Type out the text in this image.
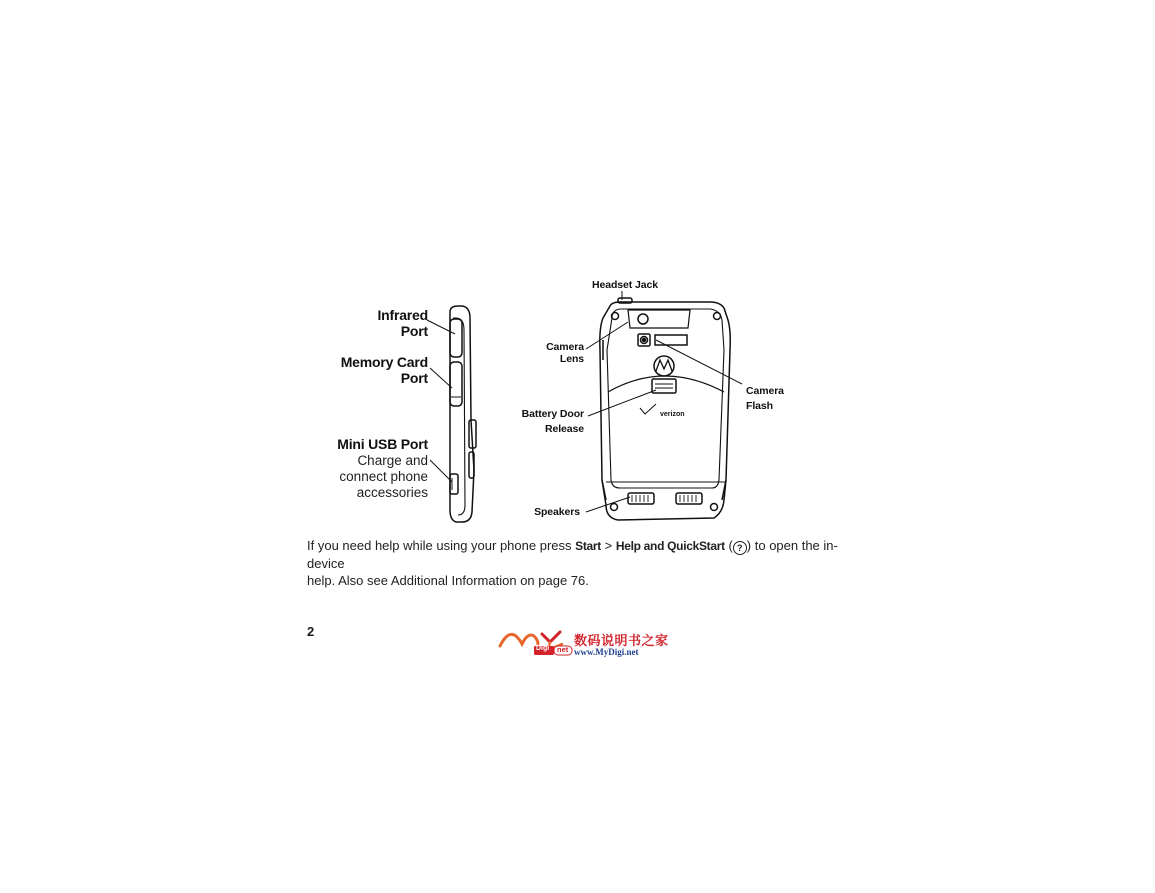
verizon
Infrared Port
Memory Card
Port
Mini USB Port
Charge and
connect phone
accessories
Headset Jack
Camera Lens
Battery Door
Release
Speakers
Camera
Flash
If you need help while using your phone press Start > Help and QuickStart ( ? ) to open the in-device
help. Also see Additional Information on page 76.
2
Digi net
数码说明书之家
www.MyDigi.net
